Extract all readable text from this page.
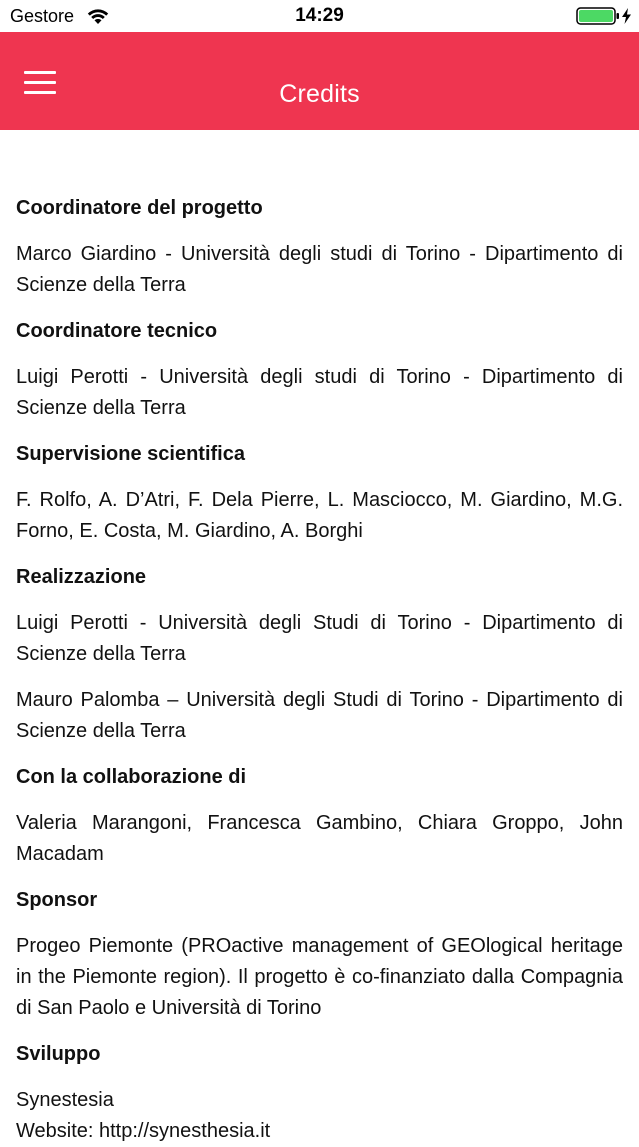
Gestore	14:29
Credits
Coordinatore del progetto

Marco Giardino - Università degli studi di Torino - Dipartimento di Scienze della Terra

Coordinatore tecnico

Luigi Perotti - Università degli studi di Torino - Dipartimento di Scienze della Terra

Supervisione scientifica

F. Rolfo, A. D’Atri, F. Dela Pierre, L. Masciocco, M. Giardino, M.G. Forno, E. Costa, M. Giardino, A. Borghi

Realizzazione

Luigi Perotti - Università degli Studi di Torino - Dipartimento di Scienze della Terra

Mauro Palomba – Università degli Studi di Torino - Dipartimento di Scienze della Terra

Con la collaborazione di

Valeria Marangoni, Francesca Gambino, Chiara Groppo, John Macadam

Sponsor

Progeo Piemonte (PROactive management of GEOlogical heritage in the Piemonte region). Il progetto è co-finanziato dalla Compagnia di San Paolo e Università di Torino

Sviluppo

Synestesia

Website: http://synesthesia.it
